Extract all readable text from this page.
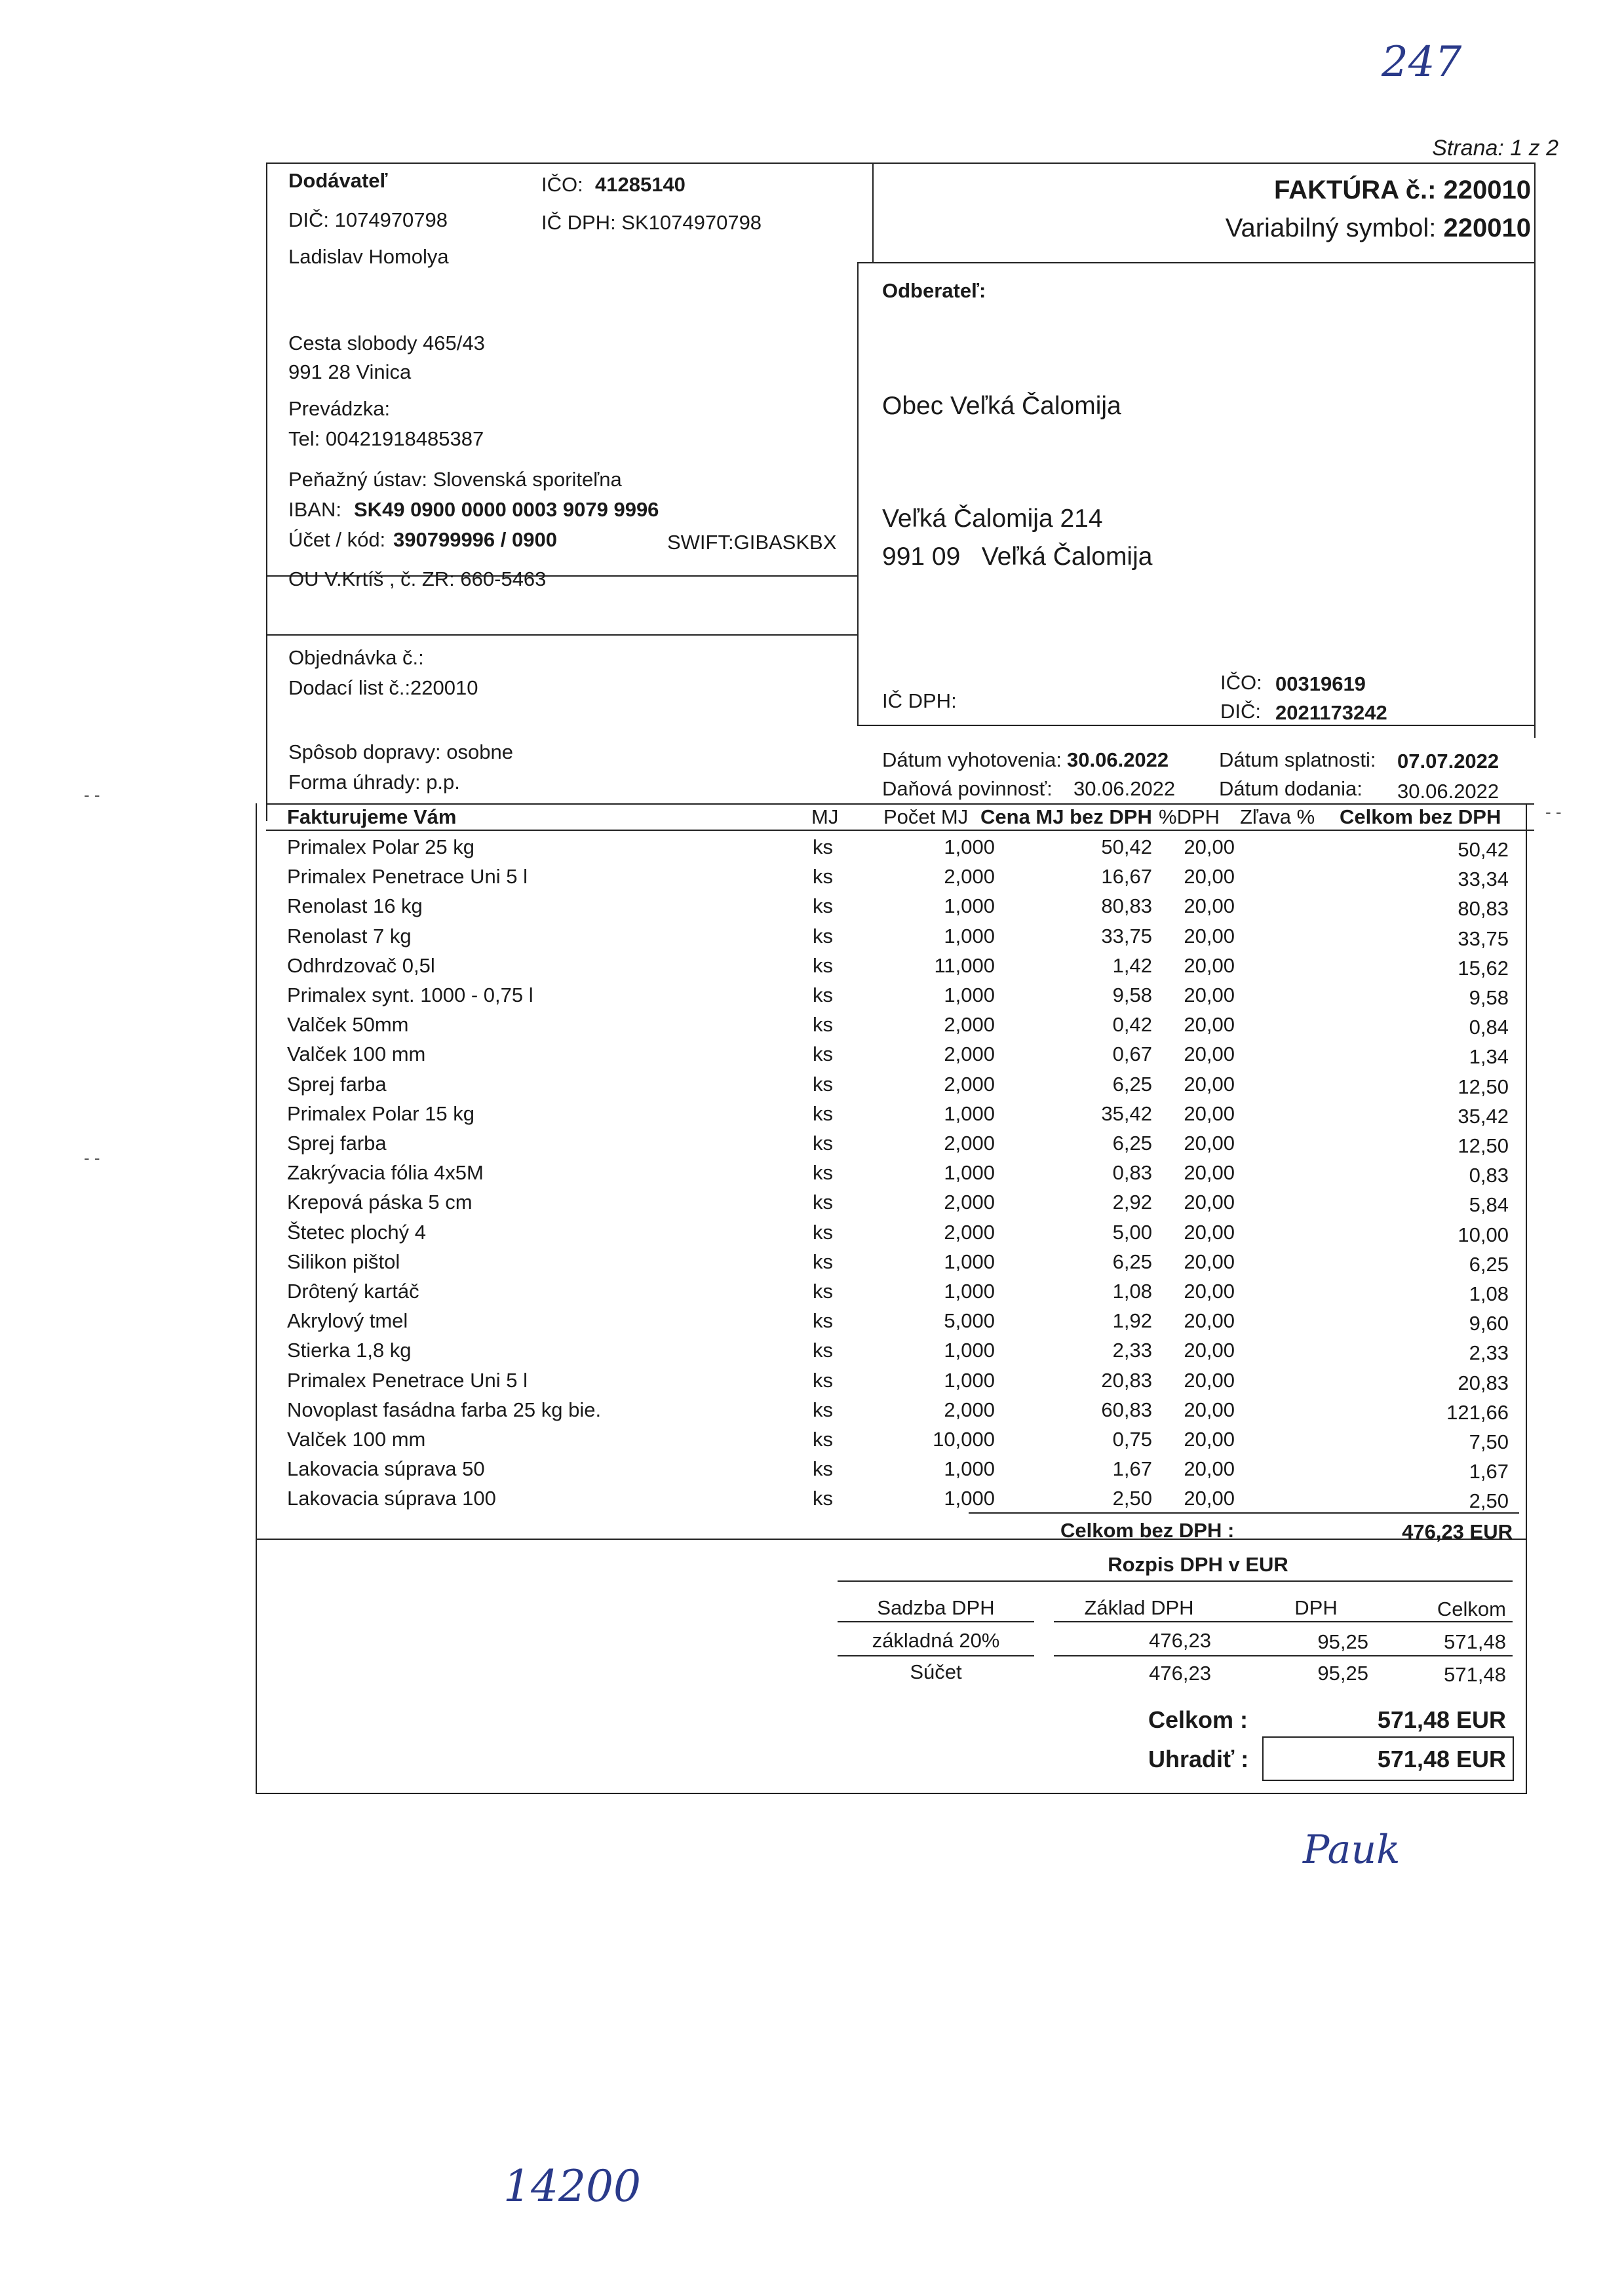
247
Strana: 1 z 2
Dodávateľ	IČO: 41285140
DIČ: 1074970798	IČ DPH: SK1074970798
Ladislav Homolya
Cesta slobody 465/43
991 28 Vinica
Prevádzka:
Tel: 00421918485387
Peňažný ústav: Slovenská sporiteľna
IBAN: SK49 0900 0000 0003 9079 9996
Účet / kód: 390799996 / 0900	SWIFT:GIBASKBX
OU V.Krtíš , č. ZR: 660-5463
FAKTÚRA č.: 220010
Variabilný symbol: 220010
Odberateľ:
Obec Veľká Čalomija
Veľká Čalomija 214
991 09   Veľká Čalomija
IČ DPH:
IČO: 00319619
DIČ: 2021173242
Objednávka č.:
Dodací list č.:220010
Spôsob dopravy: osobne
Forma úhrady: p.p.
Dátum vyhotovenia: 30.06.2022 Dátum splatnosti: 07.07.2022
Daňová povinnosť: 30.06.2022 Dátum dodania: 30.06.2022
- -
- -
- -
Fakturujeme Vám	MJ Počet MJ Cena MJ bez DPH %DPH Zľava % Celkom bez DPH
Primalex Polar 25 kg	ks	1,000	50,42	20,00	50,42
Primalex Penetrace Uni 5 l	ks	2,000	16,67	20,00	33,34
Renolast 16 kg	ks	1,000	80,83	20,00	80,83
Renolast 7 kg	ks	1,000	33,75	20,00	33,75
Odhrdzovač 0,5l	ks	11,000	1,42	20,00	15,62
Primalex synt. 1000 - 0,75 l	ks	1,000	9,58	20,00	9,58
Valček 50mm	ks	2,000	0,42	20,00	0,84
Valček 100 mm	ks	2,000	0,67	20,00	1,34
Sprej farba	ks	2,000	6,25	20,00	12,50
Primalex Polar 15 kg	ks	1,000	35,42	20,00	35,42
Sprej farba	ks	2,000	6,25	20,00	12,50
Zakrývacia fólia 4x5M	ks	1,000	0,83	20,00	0,83
Krepová páska 5 cm	ks	2,000	2,92	20,00	5,84
Štetec plochý 4	ks	2,000	5,00	20,00	10,00
Silikon pištol	ks	1,000	6,25	20,00	6,25
Drôtený kartáč	ks	1,000	1,08	20,00	1,08
Akrylový tmel	ks	5,000	1,92	20,00	9,60
Stierka 1,8 kg	ks	1,000	2,33	20,00	2,33
Primalex Penetrace Uni 5 l	ks	1,000	20,83	20,00	20,83
Novoplast fasádna farba 25 kg bie.	ks	2,000	60,83	20,00	121,66
Valček 100 mm	ks	10,000	0,75	20,00	7,50
Lakovacia súprava 50	ks	1,000	1,67	20,00	1,67
Lakovacia súprava 100	ks	1,000	2,50	20,00	2,50
Celkom bez DPH :	476,23 EUR
Rozpis DPH v EUR
Sadzba DPH	Základ DPH	DPH	Celkom
základná 20%	476,23	95,25	571,48
Súčet	476,23	95,25	571,48
Celkom :	571,48 EUR
Uhradiť :	571,48 EUR
Pauk
14200
